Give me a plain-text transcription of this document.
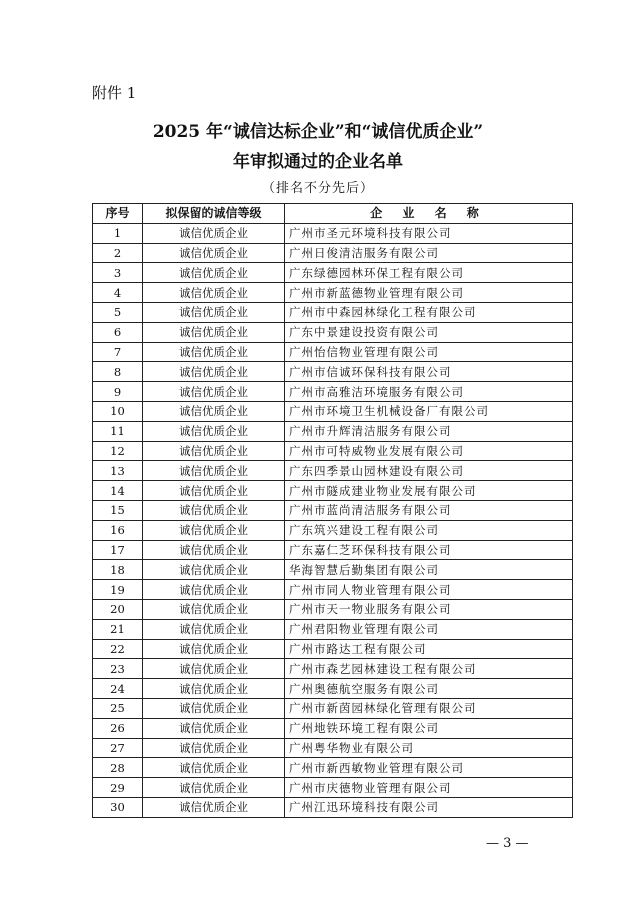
附件 1
2025 年“诚信达标企业”和“诚信优质企业”
年审拟通过的企业名单
（排名不分先后）
序号	拟保留的诚信等级	企 业 名 称
1	诚信优质企业	广州市圣元环境科技有限公司
2	诚信优质企业	广州日俊清洁服务有限公司
3	诚信优质企业	广东绿德园林环保工程有限公司
4	诚信优质企业	广州市新蓝德物业管理有限公司
5	诚信优质企业	广州市中森园林绿化工程有限公司
6	诚信优质企业	广东中景建设投资有限公司
7	诚信优质企业	广州怡信物业管理有限公司
8	诚信优质企业	广州市信诚环保科技有限公司
9	诚信优质企业	广州市高雅洁环境服务有限公司
10	诚信优质企业	广州市环境卫生机械设备厂有限公司
11	诚信优质企业	广州市升辉清洁服务有限公司
12	诚信优质企业	广州市可特威物业发展有限公司
13	诚信优质企业	广东四季景山园林建设有限公司
14	诚信优质企业	广州市隧成建业物业发展有限公司
15	诚信优质企业	广州市蓝尚清洁服务有限公司
16	诚信优质企业	广东筑兴建设工程有限公司
17	诚信优质企业	广东嘉仁芝环保科技有限公司
18	诚信优质企业	华海智慧后勤集团有限公司
19	诚信优质企业	广州市同人物业管理有限公司
20	诚信优质企业	广州市天一物业服务有限公司
21	诚信优质企业	广州君阳物业管理有限公司
22	诚信优质企业	广州市路达工程有限公司
23	诚信优质企业	广州市森艺园林建设工程有限公司
24	诚信优质企业	广州奥德航空服务有限公司
25	诚信优质企业	广州市新茵园林绿化管理有限公司
26	诚信优质企业	广州地铁环境工程有限公司
27	诚信优质企业	广州粤华物业有限公司
28	诚信优质企业	广州市新西敏物业管理有限公司
29	诚信优质企业	广州市庆德物业管理有限公司
30	诚信优质企业	广州江迅环境科技有限公司
— 3 —
